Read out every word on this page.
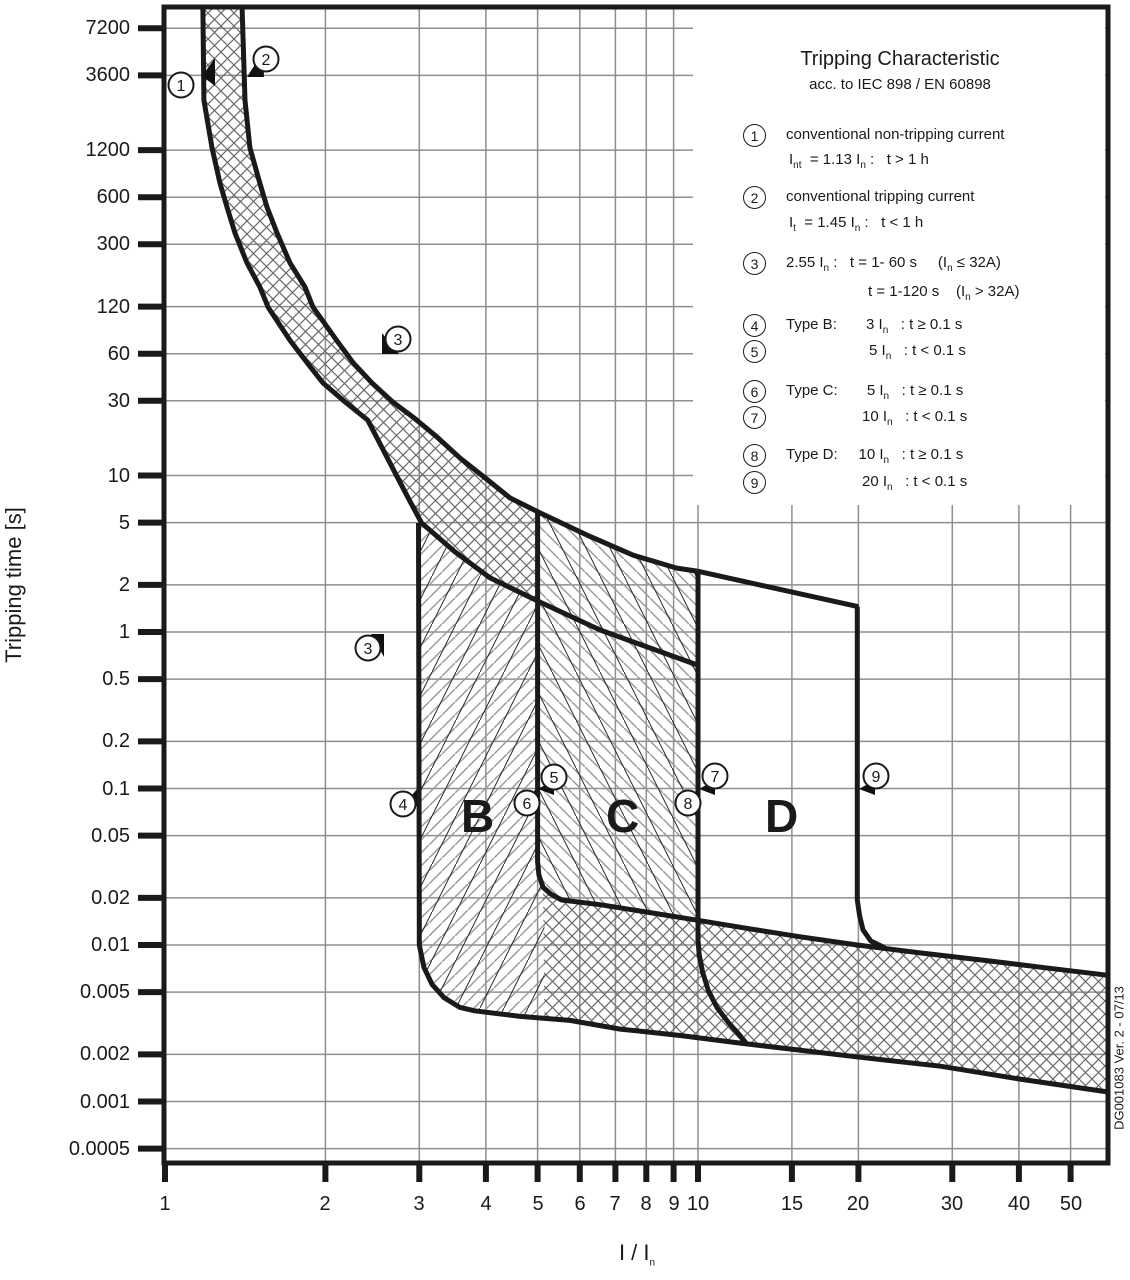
1
2
3
3
4
5
6
7
8
9
Tripping time [s]
I / $I_n$
7200
3600
1200
600
300
120
60
30
10
5
2
1
0.5
0.2
0.1
0.05
0.02
0.01
0.005
0.002
0.001
0.0005
1	2	3	4	5	6	7 8 9 10	15	20	30	40	50
B C	D
Tripping Characteristic
acc. to IEC 898 / EN 60898
1	conventional non-tripping current
$I_{nt} = 1.13$ $I_n$ :   t > 1 h
2	conventional tripping current
$I_t = 1.45$ $I_n$ :   t < 1 h
3	2.55 $I_n$ :   t = 1- 60 s     $(I_n \le 32A)$
t = 1-120 s    $(I_n > 32A)$
4	Type B:       3 $I_n$   : t ≥ 0.1 s
5	5 $I_n$   : t < 0.1 s
6	Type C:       5 $I_n$   : t ≥ 0.1 s
7	10 $I_n$   : t < 0.1 s
8	Type D:     10 $I_n$   : t ≥ 0.1 s
9	20 $I_n$   : t < 0.1 s
DG001083 Ver. 2 - 07/13
